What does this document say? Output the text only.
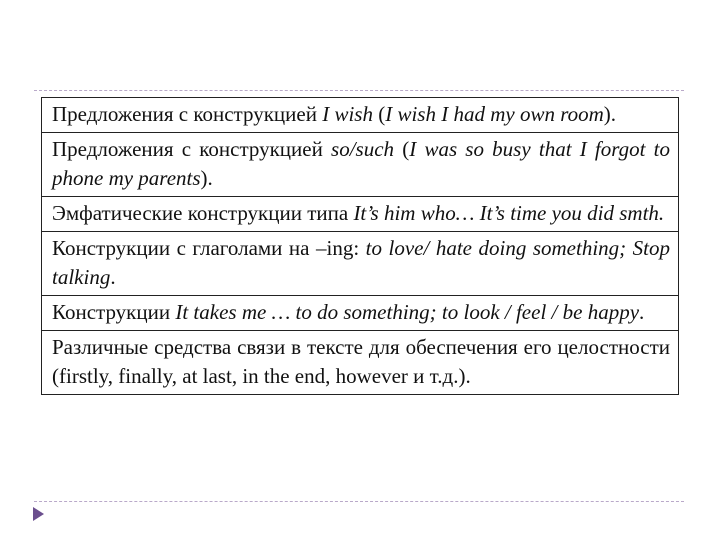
Предложения с конструкцией I wish (I wish I had my own room).
Предложения с конструкцией so/such (I was so busy that I forgot to phone my parents).
Эмфатические конструкции типа It’s him who… It’s time you did smth.
Конструкции с глаголами на –ing: to love/ hate doing something; Stop talking.
Конструкции It takes me … to do something; to look / feel / be happy.
Различные средства связи в тексте для обеспечения его целостности (firstly, finally, at last, in the end, however и т.д.).
